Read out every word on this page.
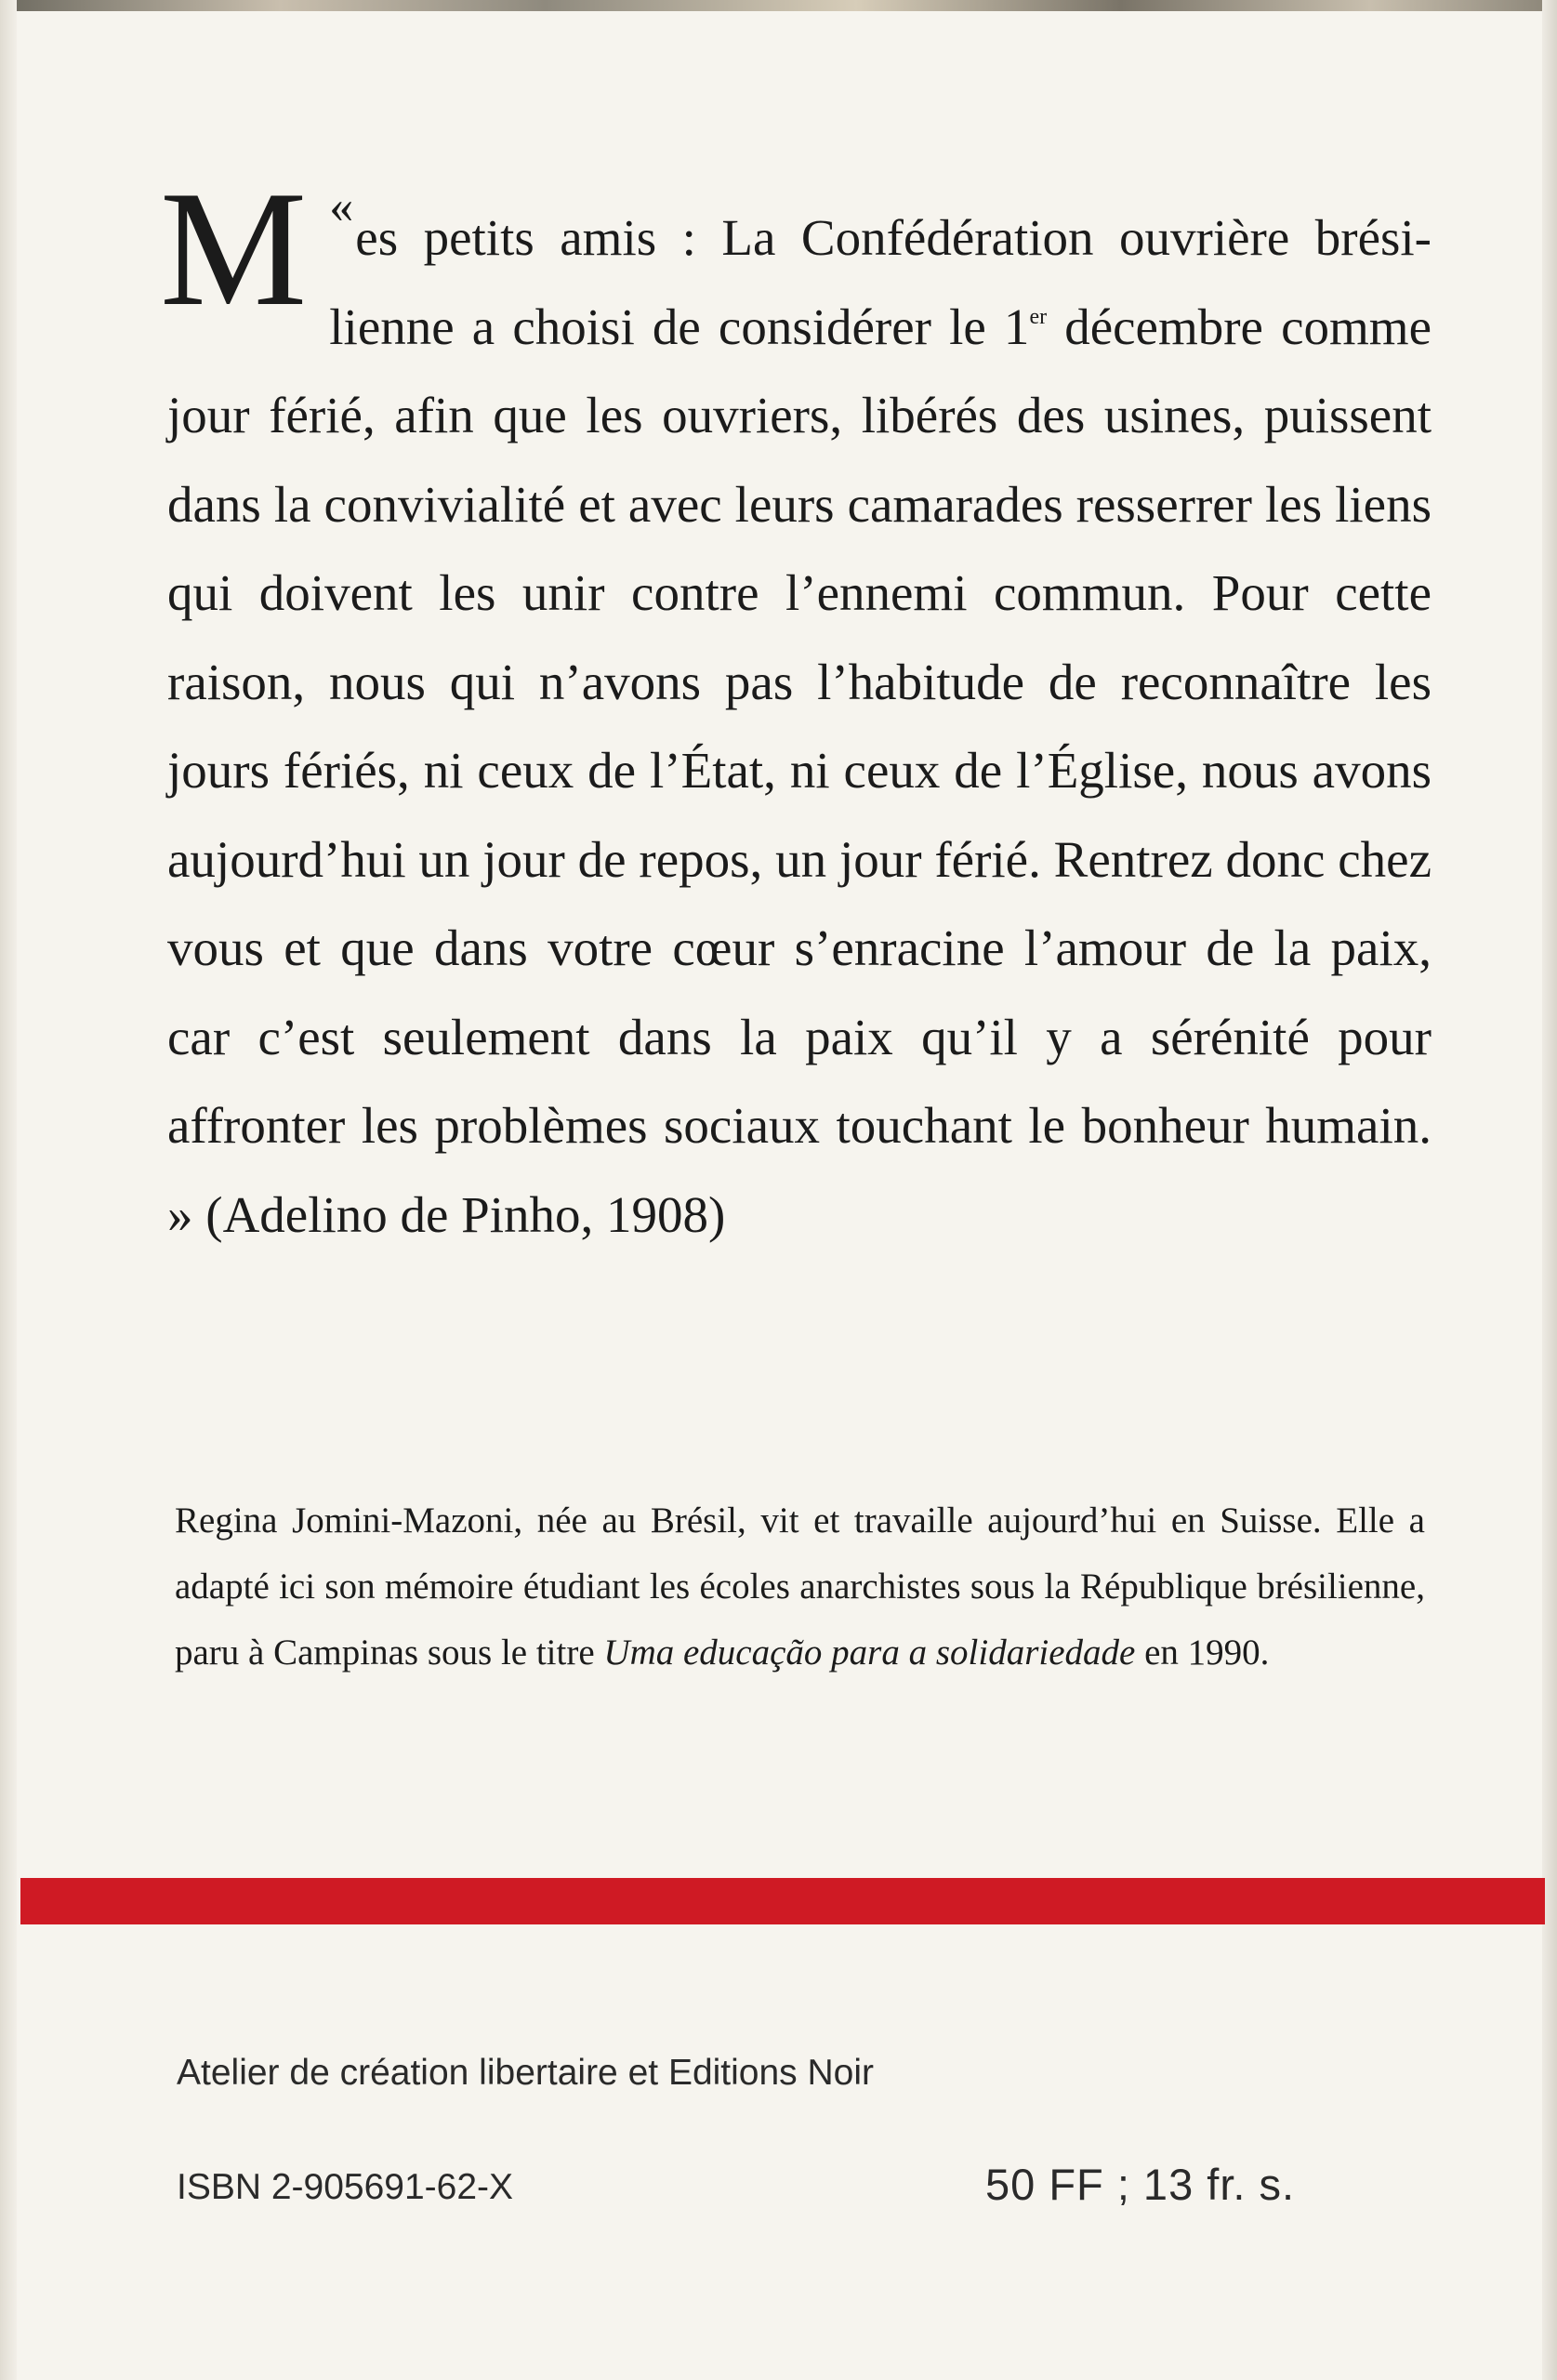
«
M es petits amis : La Confédération ouvrière brési- lienne a choisi de considérer le 1er décembre comme jour férié, afin que les ouvriers, libérés des usines, puissent dans la convivialité et avec leurs camarades resserrer les liens qui doivent les unir contre l’ennemi commun. Pour cette raison, nous qui n’avons pas l’habitude de reconnaître les jours fériés, ni ceux de l’État, ni ceux de l’Église, nous avons aujourd’hui un jour de repos, un jour férié. Rentrez donc chez vous et que dans votre cœur s’enracine l’amour de la paix, car c’est seulement dans la paix qu’il y a sérénité pour affronter les problèmes sociaux touchant le bonheur humain. » (Adelino de Pinho, 1908)

Regina Jomini-Mazoni, née au Brésil, vit et travaille aujourd’hui en Suisse. Elle a adapté ici son mémoire étudiant les écoles anarchistes sous la République brésilienne, paru à Campinas sous le titre Uma educação para a solidariedade en 1990.

Atelier de création libertaire et Editions Noir

ISBN 2-905691-62-X	50 FF ; 13 fr. s.
